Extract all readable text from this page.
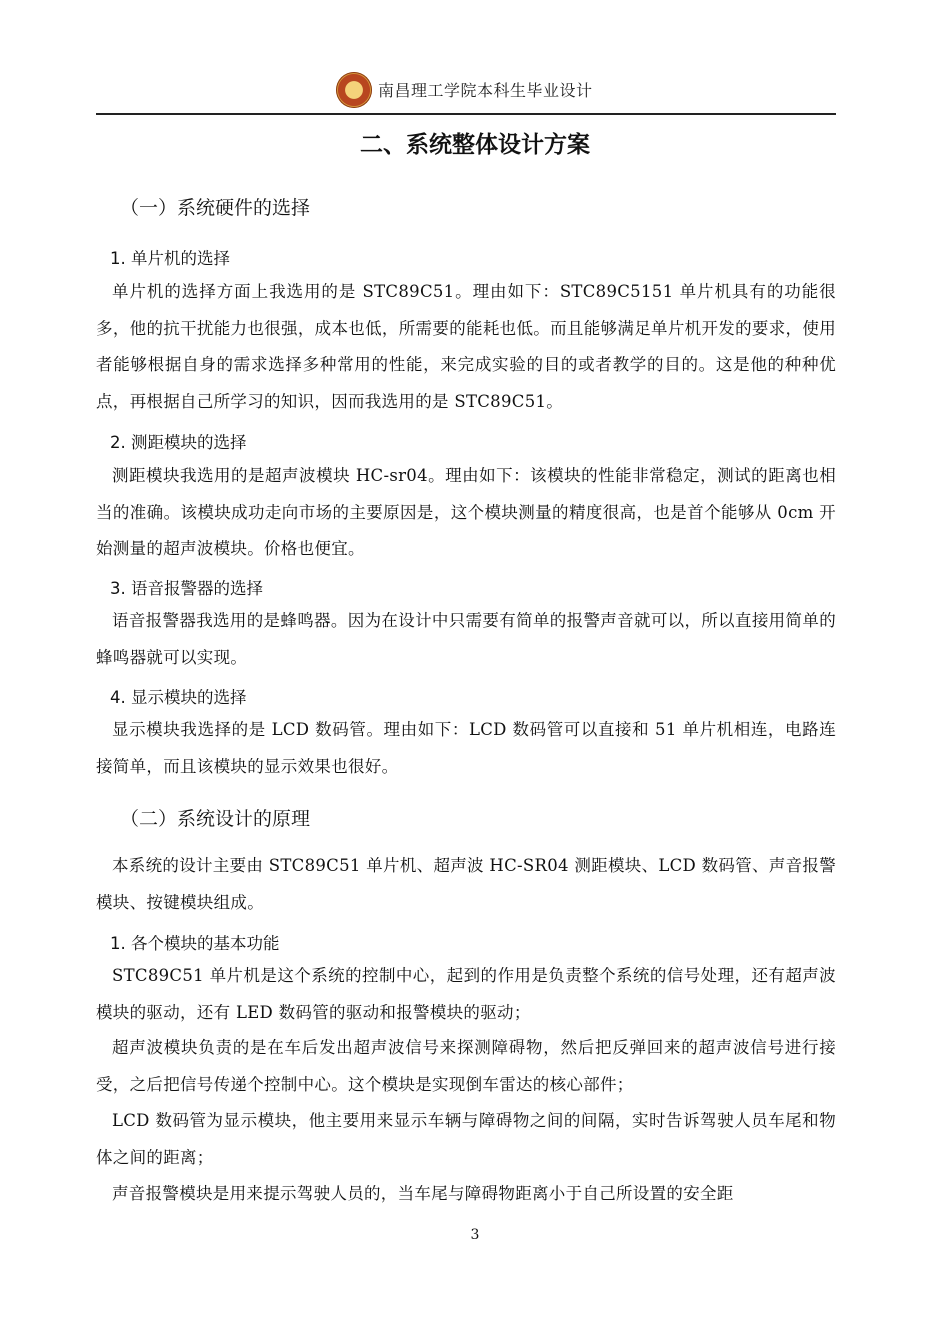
南昌理工学院本科生毕业设计
二、系统整体设计方案
（一）系统硬件的选择
1. 单片机的选择
单片机的选择方面上我选用的是 STC89C51。理由如下：STC89C5151 单片机具有的功能很多，他的抗干扰能力也很强，成本也低，所需要的能耗也低。而且能够满足单片机开发的要求，使用者能够根据自身的需求选择多种常用的性能，来完成实验的目的或者教学的目的。这是他的种种优点，再根据自己所学习的知识，因而我选用的是 STC89C51。
2. 测距模块的选择
测距模块我选用的是超声波模块 HC-sr04。理由如下：该模块的性能非常稳定，测试的距离也相当的准确。该模块成功走向市场的主要原因是，这个模块测量的精度很高，也是首个能够从 0cm 开始测量的超声波模块。价格也便宜。
3. 语音报警器的选择
语音报警器我选用的是蜂鸣器。因为在设计中只需要有简单的报警声音就可以，所以直接用简单的蜂鸣器就可以实现。
4. 显示模块的选择
显示模块我选择的是 LCD 数码管。理由如下：LCD 数码管可以直接和 51 单片机相连，电路连接简单，而且该模块的显示效果也很好。
（二）系统设计的原理
本系统的设计主要由 STC89C51 单片机、超声波 HC-SR04 测距模块、LCD 数码管、声音报警模块、按键模块组成。
1. 各个模块的基本功能
STC89C51 单片机是这个系统的控制中心，起到的作用是负责整个系统的信号处理，还有超声波模块的驱动，还有 LED 数码管的驱动和报警模块的驱动；
超声波模块负责的是在车后发出超声波信号来探测障碍物，然后把反弹回来的超声波信号进行接受，之后把信号传递个控制中心。这个模块是实现倒车雷达的核心部件；
LCD 数码管为显示模块，他主要用来显示车辆与障碍物之间的间隔，实时告诉驾驶人员车尾和物体之间的距离；
声音报警模块是用来提示驾驶人员的，当车尾与障碍物距离小于自己所设置的安全距
3
